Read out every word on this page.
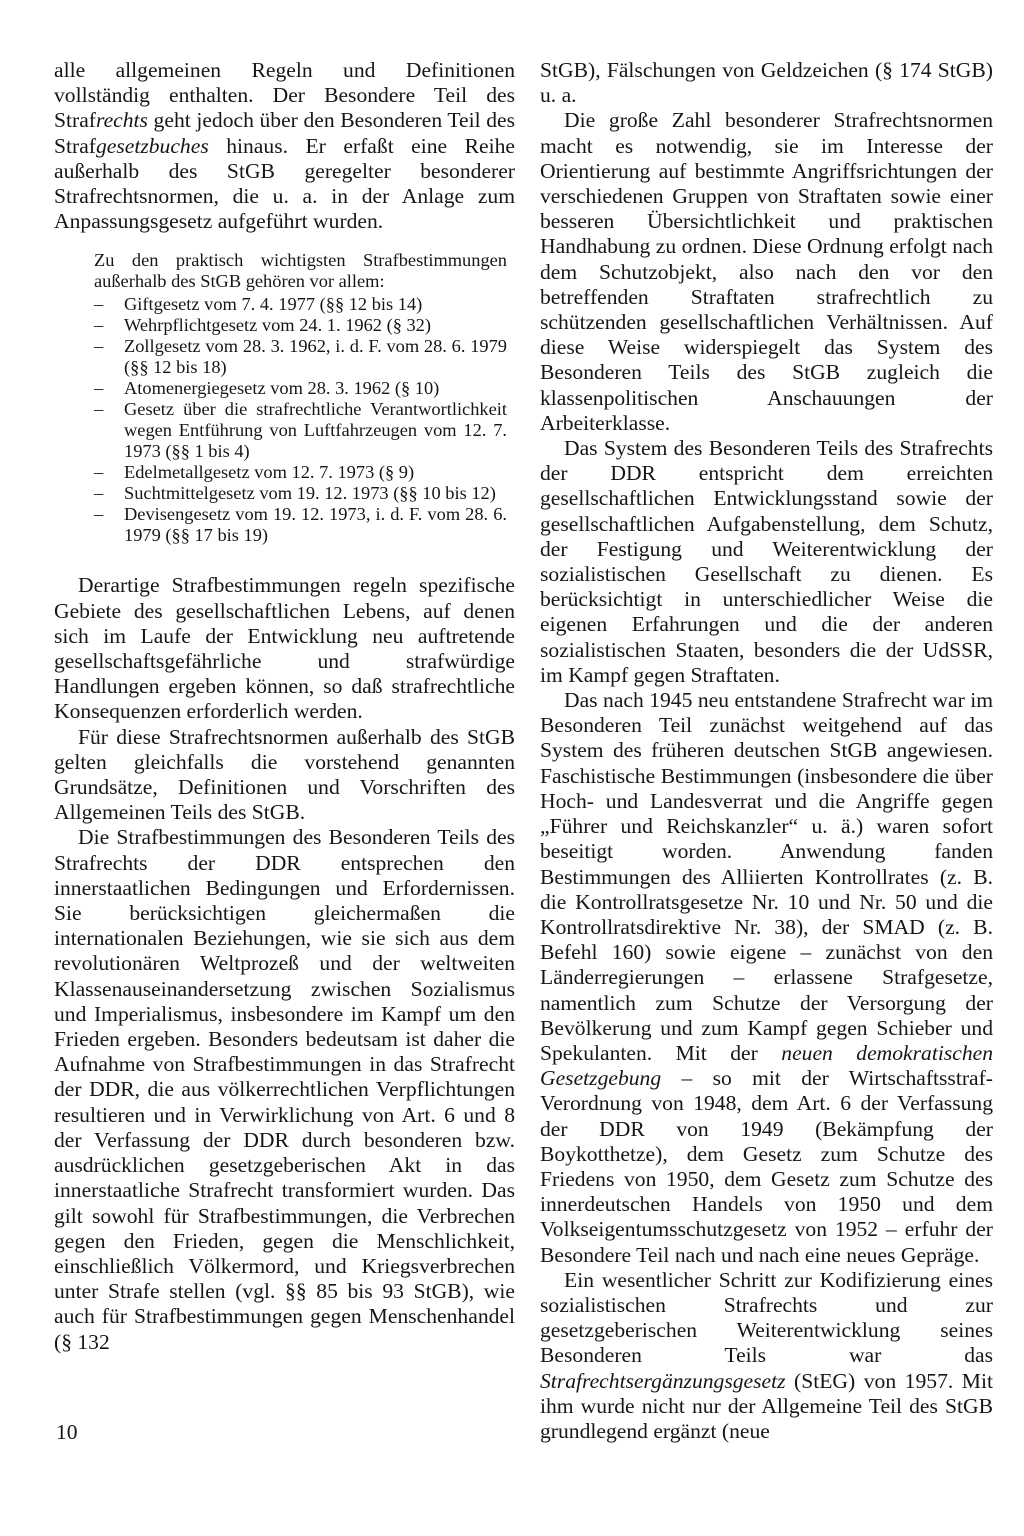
alle allgemeinen Regeln und Definitionen vollständig enthalten. Der Besondere Teil des Strafrechts geht jedoch über den Besonderen Teil des Strafgesetzbuches hinaus. Er erfaßt eine Reihe außerhalb des StGB geregelter besonderer Strafrechtsnormen, die u. a. in der Anlage zum Anpassungsgesetz aufgeführt wurden.

Zu den praktisch wichtigsten Strafbestimmungen außerhalb des StGB gehören vor allem:

– Giftgesetz vom 7. 4. 1977 (§§ 12 bis 14)
– Wehrpflichtgesetz vom 24. 1. 1962 (§ 32)
– Zollgesetz vom 28. 3. 1962, i. d. F. vom 28. 6. 1979 (§§ 12 bis 18)
– Atomenergiegesetz vom 28. 3. 1962 (§ 10)
– Gesetz über die strafrechtliche Verantwortlichkeit wegen Entführung von Luftfahrzeugen vom 12. 7. 1973 (§§ 1 bis 4)
– Edelmetallgesetz vom 12. 7. 1973 (§ 9)
– Suchtmittelgesetz vom 19. 12. 1973 (§§ 10 bis 12)
– Devisengesetz vom 19. 12. 1973, i. d. F. vom 28. 6. 1979 (§§ 17 bis 19)

Derartige Strafbestimmungen regeln spezifische Gebiete des gesellschaftlichen Lebens, auf denen sich im Laufe der Entwicklung neu auftretende gesellschaftsgefährliche und strafwürdige Handlungen ergeben können, so daß strafrechtliche Konsequenzen erforderlich werden.

Für diese Strafrechtsnormen außerhalb des StGB gelten gleichfalls die vorstehend genannten Grundsätze, Definitionen und Vorschriften des Allgemeinen Teils des StGB.

Die Strafbestimmungen des Besonderen Teils des Strafrechts der DDR entsprechen den innerstaatlichen Bedingungen und Erfordernissen. Sie berücksichtigen gleichermaßen die internationalen Beziehungen, wie sie sich aus dem revolutionären Weltprozeß und der weltweiten Klassenauseinandersetzung zwischen Sozialismus und Imperialismus, insbesondere im Kampf um den Frieden ergeben. Besonders bedeutsam ist daher die Aufnahme von Strafbestimmungen in das Strafrecht der DDR, die aus völkerrechtlichen Verpflichtungen resultieren und in Verwirklichung von Art. 6 und 8 der Verfassung der DDR durch besonderen bzw. ausdrücklichen gesetzgeberischen Akt in das innerstaatliche Strafrecht transformiert wurden. Das gilt sowohl für Strafbestimmungen, die Verbrechen gegen den Frieden, gegen die Menschlichkeit, einschließlich Völkermord, und Kriegsverbrechen unter Strafe stellen (vgl. §§ 85 bis 93 StGB), wie auch für Strafbestimmungen gegen Menschenhandel (§ 132

StGB), Fälschungen von Geldzeichen (§ 174 StGB) u. a.

Die große Zahl besonderer Strafrechtsnormen macht es notwendig, sie im Interesse der Orientierung auf bestimmte Angriffsrichtungen der verschiedenen Gruppen von Straftaten sowie einer besseren Übersichtlichkeit und praktischen Handhabung zu ordnen. Diese Ordnung erfolgt nach dem Schutzobjekt, also nach den vor den betreffenden Straftaten strafrechtlich zu schützenden gesellschaftlichen Verhältnissen. Auf diese Weise widerspiegelt das System des Besonderen Teils des StGB zugleich die klassenpolitischen Anschauungen der Arbeiterklasse.

Das System des Besonderen Teils des Strafrechts der DDR entspricht dem erreichten gesellschaftlichen Entwicklungsstand sowie der gesellschaftlichen Aufgabenstellung, dem Schutz, der Festigung und Weiterentwicklung der sozialistischen Gesellschaft zu dienen. Es berücksichtigt in unterschiedlicher Weise die eigenen Erfahrungen und die der anderen sozialistischen Staaten, besonders die der UdSSR, im Kampf gegen Straftaten.

Das nach 1945 neu entstandene Strafrecht war im Besonderen Teil zunächst weitgehend auf das System des früheren deutschen StGB angewiesen. Faschistische Bestimmungen (insbesondere die über Hoch- und Landesverrat und die Angriffe gegen „Führer und Reichskanzler“ u. ä.) waren sofort beseitigt worden. Anwendung fanden Bestimmungen des Alliierten Kontrollrates (z. B. die Kontrollratsgesetze Nr. 10 und Nr. 50 und die Kontrollratsdirektive Nr. 38), der SMAD (z. B. Befehl 160) sowie eigene – zunächst von den Länderregierungen – erlassene Strafgesetze, namentlich zum Schutze der Versorgung der Bevölkerung und zum Kampf gegen Schieber und Spekulanten. Mit der neuen demokratischen Gesetzgebung – so mit der Wirtschaftsstraf-Verordnung von 1948, dem Art. 6 der Verfassung der DDR von 1949 (Bekämpfung der Boykotthetze), dem Gesetz zum Schutze des Friedens von 1950, dem Gesetz zum Schutze des innerdeutschen Handels von 1950 und dem Volkseigentumsschutzgesetz von 1952 – erfuhr der Besondere Teil nach und nach eine neues Gepräge.

Ein wesentlicher Schritt zur Kodifizierung eines sozialistischen Strafrechts und zur gesetzgeberischen Weiterentwicklung seines Besonderen Teils war das Strafrechtsergänzungsgesetz (StEG) von 1957. Mit ihm wurde nicht nur der Allgemeine Teil des StGB grundlegend ergänzt (neue

10
